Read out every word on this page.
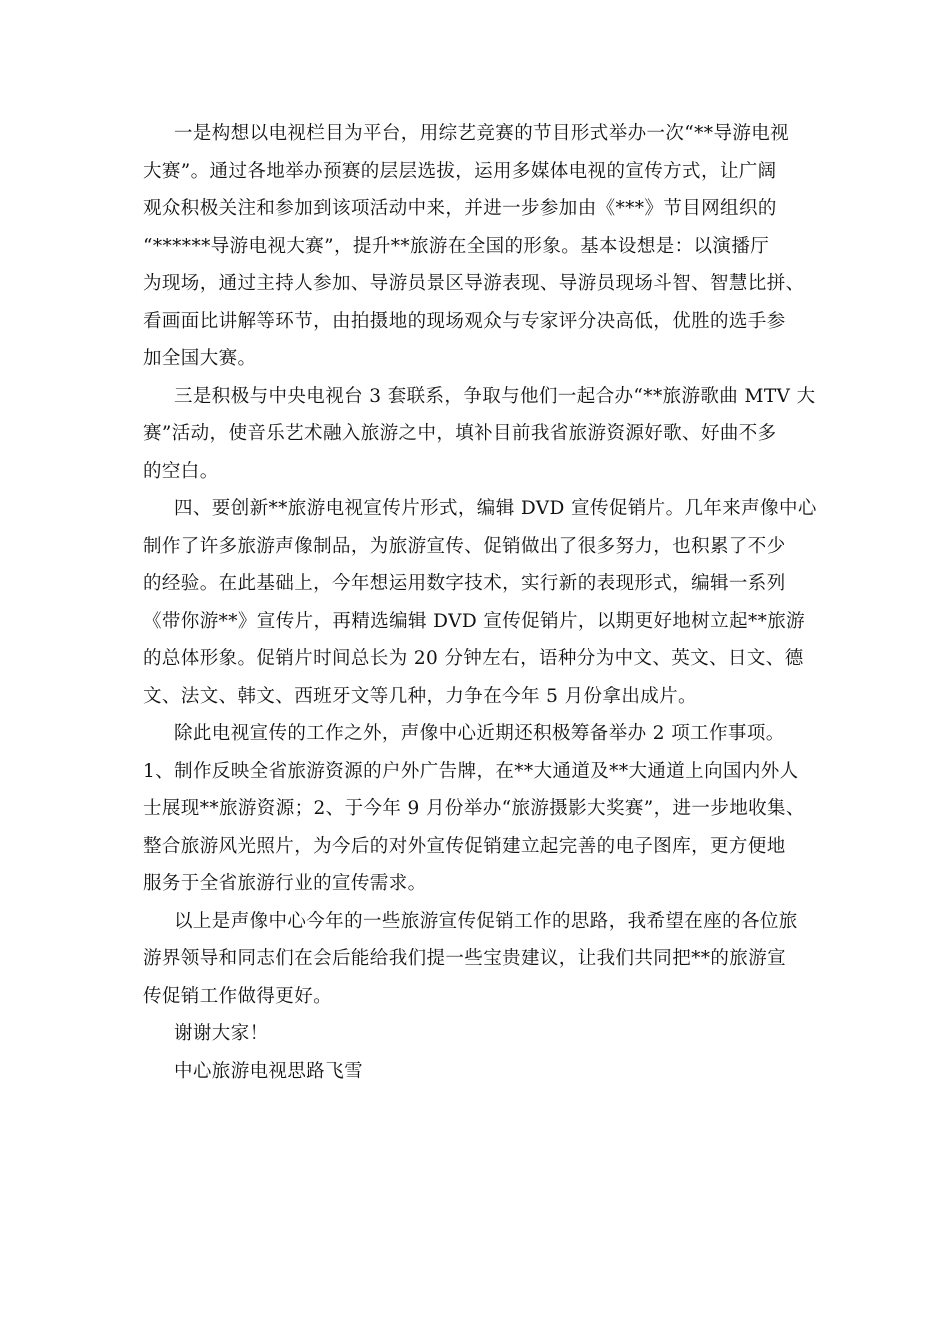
一是构想以电视栏目为平台，用综艺竞赛的节目形式举办一次“**导游电视
大赛”。通过各地举办预赛的层层选拔，运用多媒体电视的宣传方式，让广阔
观众积极关注和参加到该项活动中来，并进一步参加由《***》节目网组织的
“******导游电视大赛”，提升**旅游在全国的形象。基本设想是：以演播厅
为现场，通过主持人参加、导游员景区导游表现、导游员现场斗智、智慧比拼、
看画面比讲解等环节，由拍摄地的现场观众与专家评分决高低，优胜的选手参
加全国大赛。
三是积极与中央电视台 3 套联系，争取与他们一起合办“**旅游歌曲 MTV 大
赛”活动，使音乐艺术融入旅游之中，填补目前我省旅游资源好歌、好曲不多
的空白。
四、要创新**旅游电视宣传片形式，编辑 DVD 宣传促销片。几年来声像中心
制作了许多旅游声像制品，为旅游宣传、促销做出了很多努力，也积累了不少
的经验。在此基础上，今年想运用数字技术，实行新的表现形式，编辑一系列
《带你游**》宣传片，再精选编辑 DVD 宣传促销片，以期更好地树立起**旅游
的总体形象。促销片时间总长为 20 分钟左右，语种分为中文、英文、日文、德
文、法文、韩文、西班牙文等几种，力争在今年 5 月份拿出成片。
除此电视宣传的工作之外，声像中心近期还积极筹备举办 2 项工作事项。
1、制作反映全省旅游资源的户外广告牌，在**大通道及**大通道上向国内外人
士展现**旅游资源；2、于今年 9 月份举办“旅游摄影大奖赛”，进一步地收集、
整合旅游风光照片，为今后的对外宣传促销建立起完善的电子图库，更方便地
服务于全省旅游行业的宣传需求。
以上是声像中心今年的一些旅游宣传促销工作的思路，我希望在座的各位旅
游界领导和同志们在会后能给我们提一些宝贵建议，让我们共同把**的旅游宣
传促销工作做得更好。
谢谢大家！
中心旅游电视思路飞雪
